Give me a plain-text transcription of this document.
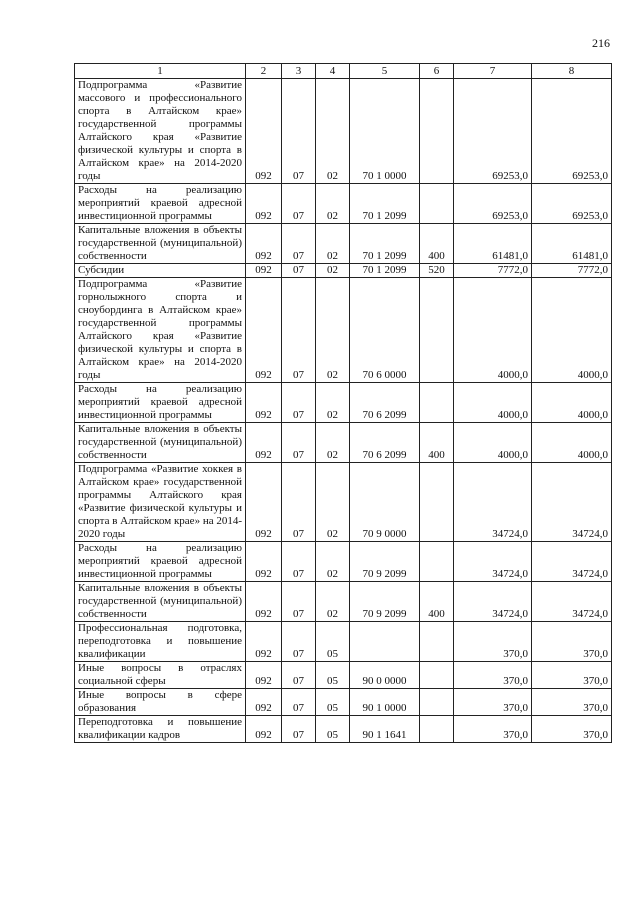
216
1	2	3	4	5	6	7	8
Подпрограмма «Развитие массового и профессионального спорта в Алтайском крае» государственной программы Алтайского края «Развитие физической культуры и спорта в Алтайском крае» на 2014-2020 годы	092	07	02	70 1 0000		69253,0	69253,0
Расходы на реализацию мероприятий краевой адресной инвестиционной программы	092	07	02	70 1 2099		69253,0	69253,0
Капитальные вложения в объекты государственной (муниципальной) собственности	092	07	02	70 1 2099	400	61481,0	61481,0
Субсидии	092	07	02	70 1 2099	520	7772,0	7772,0
Подпрограмма «Развитие горнолыжного спорта и сноубординга в Алтайском крае» государственной программы Алтайского края «Развитие физической культуры и спорта в Алтайском крае» на 2014-2020 годы	092	07	02	70 6 0000		4000,0	4000,0
Расходы на реализацию мероприятий краевой адресной инвестиционной программы	092	07	02	70 6 2099		4000,0	4000,0
Капитальные вложения в объекты государственной (муниципальной) собственности	092	07	02	70 6 2099	400	4000,0	4000,0
Подпрограмма «Развитие хоккея в Алтайском крае» государственной программы Алтайского края «Развитие физической культуры и спорта в Алтайском крае» на 2014-2020 годы	092	07	02	70 9 0000		34724,0	34724,0
Расходы на реализацию мероприятий краевой адресной инвестиционной программы	092	07	02	70 9 2099		34724,0	34724,0
Капитальные вложения в объекты государственной (муниципальной) собственности	092	07	02	70 9 2099	400	34724,0	34724,0
Профессиональная подготовка, переподготовка и повышение квалификации	092	07	05			370,0	370,0
Иные вопросы в отраслях социальной сферы	092	07	05	90 0 0000		370,0	370,0
Иные вопросы в сфере образования	092	07	05	90 1 0000		370,0	370,0
Переподготовка и повышение квалификации кадров	092	07	05	90 1 1641		370,0	370,0
